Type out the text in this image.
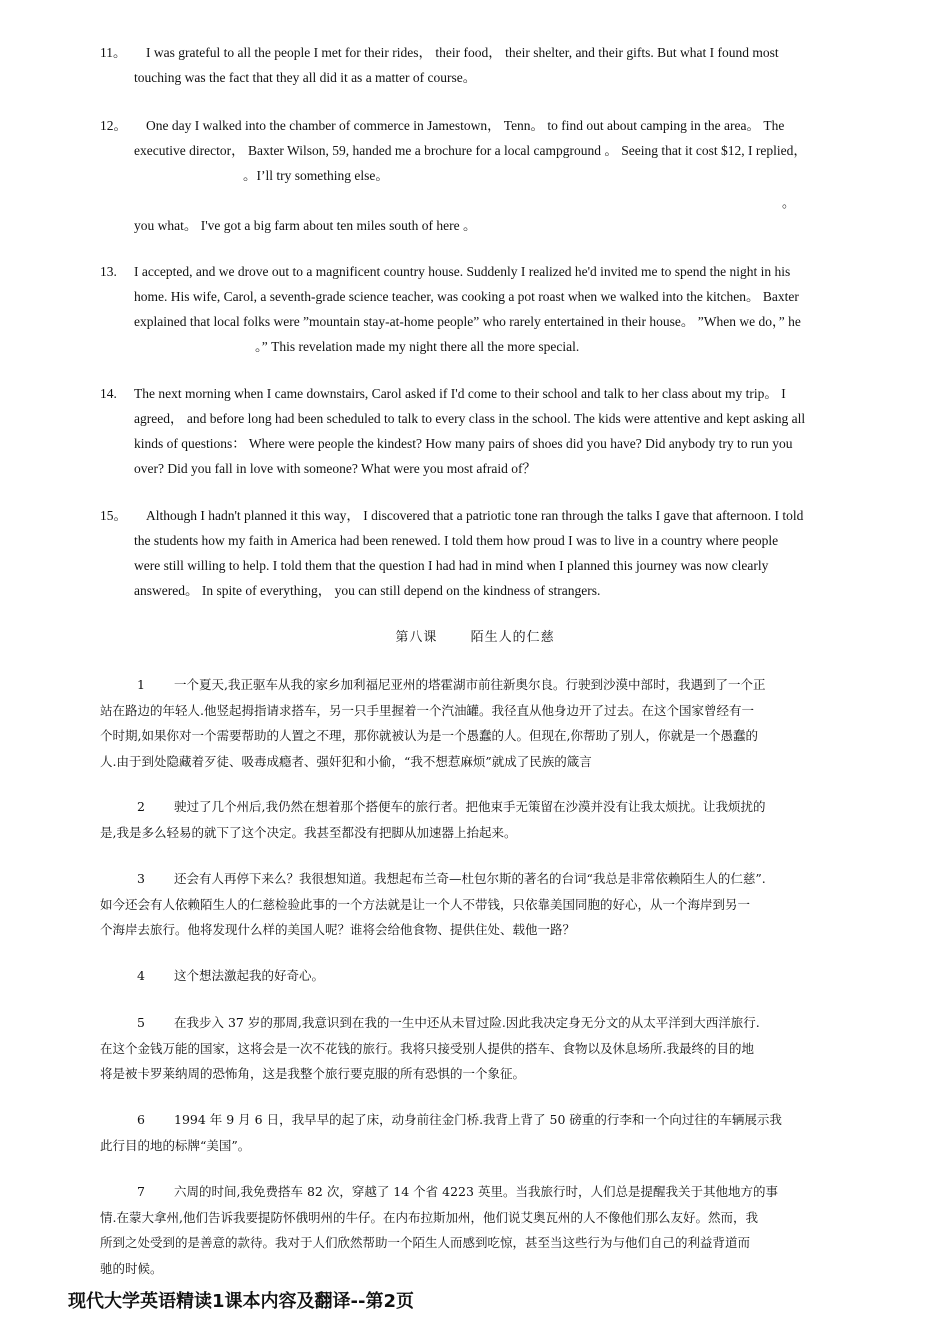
11。	I was grateful to all the people I met for their rides， their food， their shelter, and their gifts. But what I found most
touching was the fact that they all did it as a matter of course。
12。	One day I walked into the chamber of commerce in Jamestown， Tenn。 to find out about camping in the area。 The
executive director， Baxter Wilson, 59, handed me a brochure for a local campground 。 Seeing that it cost $12, I replied，
。I’ll try something else。

you what。 I've got a big farm about ten miles south of here 。
。
13.	I accepted, and we drove out to a magnificent country house. Suddenly I realized he'd invited me to spend the night in his
home. His wife, Carol, a seventh-grade science teacher, was cooking a pot roast when we walked into the kitchen。 Baxter
explained that local folks were ”mountain stay-at-home people” who rarely entertained in their house。 ”When we do，” he
。” This revelation made my night there all the more special.
14.	The next morning when I came downstairs, Carol asked if I'd come to their school and talk to her class about my trip。 I
agreed， and before long had been scheduled to talk to every class in the school. The kids were attentive and kept asking all
kinds of questions： Where were people the kindest? How many pairs of shoes did you have? Did anybody try to run you
over? Did you fall in love with someone? What were you most afraid of？
15。	Although I hadn't planned it this way， I discovered that a patriotic tone ran through the talks I gave that afternoon. I told
the students how my faith in America had been renewed. I told them how proud I was to live in a country where people
were still willing to help. I told them that the question I had had in mind when I planned this journey was now clearly
answered。 In spite of everything， you can still depend on the kindness of strangers.
第八课	陌生人的仁慈
1 一个夏天,我正驱车从我的家乡加利福尼亚州的塔霍湖市前往新奥尔良。行驶到沙漠中部时，我遇到了一个正
站在路边的年轻人.他竖起拇指请求搭车，另一只手里握着一个汽油罐。我径直从他身边开了过去。在这个国家曾经有一
个时期,如果你对一个需要帮助的人置之不理，那你就被认为是一个愚蠢的人。但现在,你帮助了别人，你就是一个愚蠢的
人.由于到处隐藏着歹徒、吸毒成瘾者、强奸犯和小偷，“我不想惹麻烦”就成了民族的箴言
2 驶过了几个州后,我仍然在想着那个搭便车的旅行者。把他束手无策留在沙漠并没有让我太烦扰。让我烦扰的
是,我是多么轻易的就下了这个决定。我甚至都没有把脚从加速器上抬起来。
3 还会有人再停下来么？我很想知道。我想起布兰奇—杜包尔斯的著名的台词“我总是非常依赖陌生人的仁慈”.
如今还会有人依赖陌生人的仁慈检验此事的一个方法就是让一个人不带钱，只依靠美国同胞的好心，从一个海岸到另一
个海岸去旅行。他将发现什么样的美国人呢？谁将会给他食物、提供住处、载他一路？
4 这个想法激起我的好奇心。
5 在我步入 37 岁的那周,我意识到在我的一生中还从未冒过险.因此我决定身无分文的从太平洋到大西洋旅行.
在这个金钱万能的国家，这将会是一次不花钱的旅行。我将只接受别人提供的搭车、食物以及休息场所.我最终的目的地
将是被卡罗莱纳周的恐怖角，这是我整个旅行要克服的所有恐惧的一个象征。
6 1994 年 9 月 6 日，我早早的起了床，动身前往金门桥.我背上背了 50 磅重的行李和一个向过往的车辆展示我
此行目的地的标牌“美国”。
7 六周的时间,我免费搭车 82 次，穿越了 14 个省 4223 英里。当我旅行时，人们总是提醒我关于其他地方的事
情.在蒙大拿州,他们告诉我要提防怀俄明州的牛仔。在内布拉斯加州，他们说艾奥瓦州的人不像他们那么友好。然而，我
所到之处受到的是善意的款待。我对于人们欣然帮助一个陌生人而感到吃惊，甚至当这些行为与他们自己的利益背道而
驰的时候。
现代大学英语精读1课本内容及翻译--第2页
